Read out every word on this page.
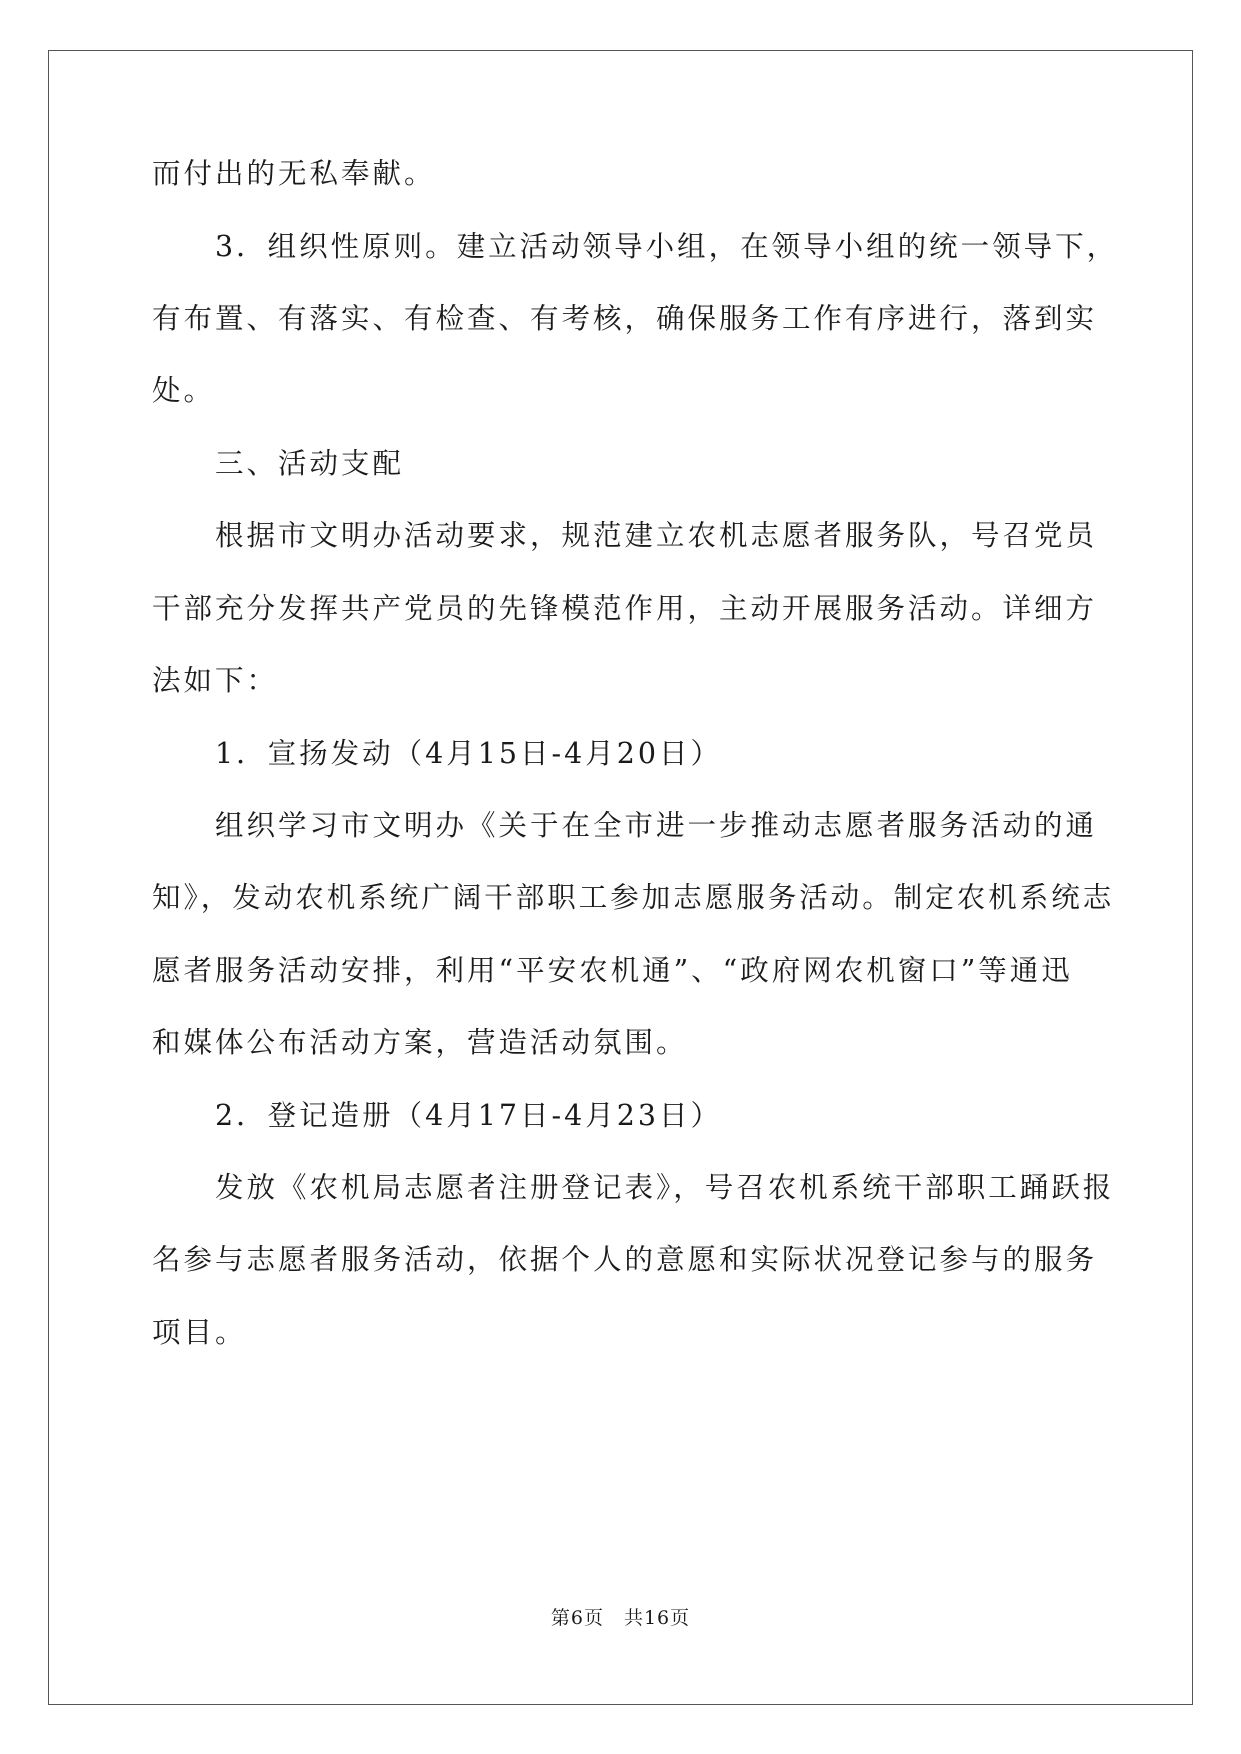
而付出的无私奉献。
　　3．组织性原则。建立活动领导小组，在领导小组的统一领导下，
有布置、有落实、有检查、有考核，确保服务工作有序进行，落到实
处。
　　三、活动支配
　　根据市文明办活动要求，规范建立农机志愿者服务队，号召党员
干部充分发挥共产党员的先锋模范作用，主动开展服务活动。详细方
法如下：
　　1．宣扬发动（4月15日-4月20日）
　　组织学习市文明办《关于在全市进一步推动志愿者服务活动的通
知》，发动农机系统广阔干部职工参加志愿服务活动。制定农机系统志
愿者服务活动安排，利用“平安农机通”、“政府网农机窗口”等通迅
和媒体公布活动方案，营造活动氛围。
　　2．登记造册（4月17日-4月23日）
　　发放《农机局志愿者注册登记表》，号召农机系统干部职工踊跃报
名参与志愿者服务活动，依据个人的意愿和实际状况登记参与的服务
项目。
第6页　共16页
